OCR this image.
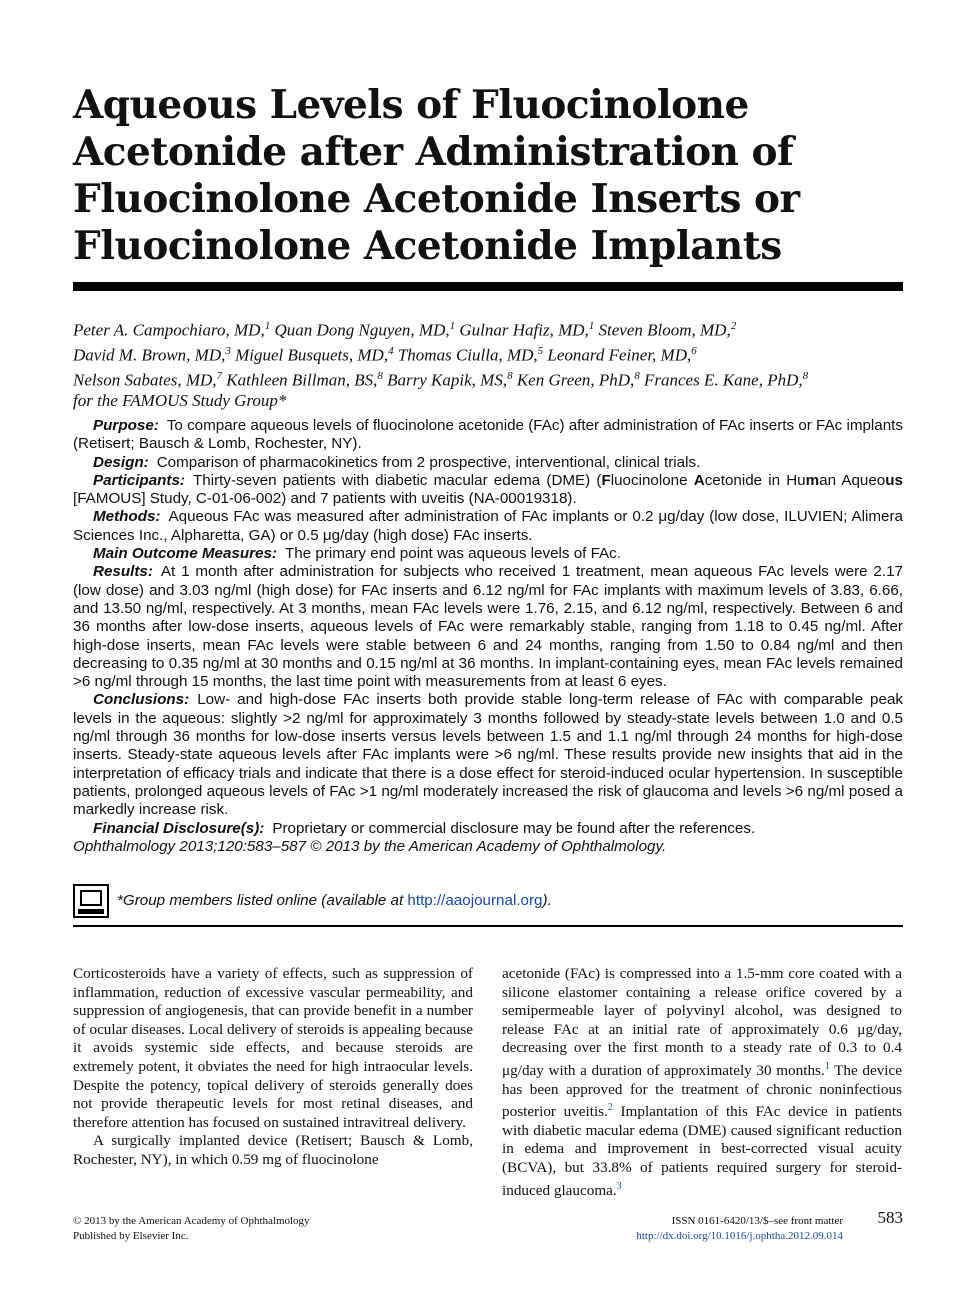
Aqueous Levels of Fluocinolone Acetonide after Administration of Fluocinolone Acetonide Inserts or Fluocinolone Acetonide Implants
Peter A. Campochiaro, MD,$^1$ Quan Dong Nguyen, MD,$^1$ Gulnar Hafiz, MD,$^1$ Steven Bloom, MD,$^2$
David M. Brown, MD,$^3$ Miguel Busquets, MD,$^4$ Thomas Ciulla, MD,$^5$ Leonard Feiner, MD,$^6$
Nelson Sabates, MD,$^7$ Kathleen Billman, BS,$^8$ Barry Kapik, MS,$^8$ Ken Green, PhD,$^8$ Frances E. Kane, PhD,$^8$
for the FAMOUS Study Group*

Purpose: To compare aqueous levels of fluocinolone acetonide (FAc) after administration of FAc inserts or FAc implants (Retisert; Bausch & Lomb, Rochester, NY).

Design: Comparison of pharmacokinetics from 2 prospective, interventional, clinical trials.

Participants: Thirty-seven patients with diabetic macular edema (DME) (Fluocinolone Acetonide in Human Aqueous [FAMOUS] Study, C-01-06-002) and 7 patients with uveitis (NA-00019318).

Methods: Aqueous FAc was measured after administration of FAc implants or 0.2 μg/day (low dose, ILUVIEN; Alimera Sciences Inc., Alpharetta, GA) or 0.5 μg/day (high dose) FAc inserts.

Main Outcome Measures: The primary end point was aqueous levels of FAc.

Results: At 1 month after administration for subjects who received 1 treatment, mean aqueous FAc levels were 2.17 (low dose) and 3.03 ng/ml (high dose) for FAc inserts and 6.12 ng/ml for FAc implants with maximum levels of 3.83, 6.66, and 13.50 ng/ml, respectively. At 3 months, mean FAc levels were 1.76, 2.15, and 6.12 ng/ml, respectively. Between 6 and 36 months after low-dose inserts, aqueous levels of FAc were remarkably stable, ranging from 1.18 to 0.45 ng/ml. After high-dose inserts, mean FAc levels were stable between 6 and 24 months, ranging from 1.50 to 0.84 ng/ml and then decreasing to 0.35 ng/ml at 30 months and 0.15 ng/ml at 36 months. In implant-containing eyes, mean FAc levels remained >6 ng/ml through 15 months, the last time point with measurements from at least 6 eyes.

Conclusions: Low- and high-dose FAc inserts both provide stable long-term release of FAc with comparable peak levels in the aqueous: slightly >2 ng/ml for approximately 3 months followed by steady-state levels between 1.0 and 0.5 ng/ml through 36 months for low-dose inserts versus levels between 1.5 and 1.1 ng/ml through 24 months for high-dose inserts. Steady-state aqueous levels after FAc implants were >6 ng/ml. These results provide new insights that aid in the interpretation of efficacy trials and indicate that there is a dose effect for steroid-induced ocular hypertension. In susceptible patients, prolonged aqueous levels of FAc >1 ng/ml moderately increased the risk of glaucoma and levels >6 ng/ml posed a markedly increase risk.

Financial Disclosure(s): Proprietary or commercial disclosure may be found after the references.

Ophthalmology 2013;120:583–587 © 2013 by the American Academy of Ophthalmology.

*Group members listed online (available at http://aaojournal.org).

Corticosteroids have a variety of effects, such as suppression of inflammation, reduction of excessive vascular permeability, and suppression of angiogenesis, that can provide benefit in a number of ocular diseases. Local delivery of steroids is appealing because it avoids systemic side effects, and because steroids are extremely potent, it obviates the need for high intraocular levels. Despite the potency, topical delivery of steroids generally does not provide therapeutic levels for most retinal diseases, and therefore attention has focused on sustained intravitreal delivery.

A surgically implanted device (Retisert; Bausch & Lomb, Rochester, NY), in which 0.59 mg of fluocinolone

acetonide (FAc) is compressed into a 1.5-mm core coated with a silicone elastomer containing a release orifice covered by a semipermeable layer of polyvinyl alcohol, was designed to release FAc at an initial rate of approximately 0.6 μg/day, decreasing over the first month to a steady rate of 0.3 to 0.4 μg/day with a duration of approximately 30 months.$^1$ The device has been approved for the treatment of chronic noninfectious posterior uveitis.$^2$ Implantation of this FAc device in patients with diabetic macular edema (DME) caused significant reduction in edema and improvement in best-corrected visual acuity (BCVA), but 33.8% of patients required surgery for steroid-induced glaucoma.$^3$

© 2013 by the American Academy of Ophthalmology
Published by Elsevier Inc.
ISSN 0161-6420/13/$–see front matter
http://dx.doi.org/10.1016/j.ophtha.2012.09.014
583
